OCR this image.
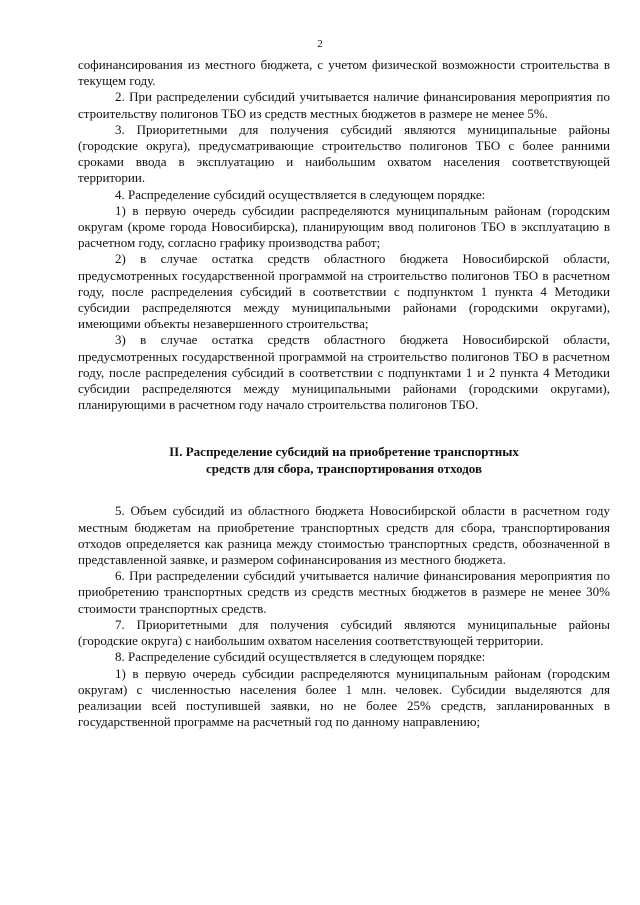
2

софинансирования из местного бюджета, с учетом физической возможности строительства в текущем году.

2. При распределении субсидий учитывается наличие финансирования мероприятия по строительству полигонов ТБО из средств местных бюджетов в размере не менее 5%.

3. Приоритетными для получения субсидий являются муниципальные районы (городские округа), предусматривающие строительство полигонов ТБО с более ранними сроками ввода в эксплуатацию и наибольшим охватом населения соответствующей территории.

4. Распределение субсидий осуществляется в следующем порядке:

1) в первую очередь субсидии распределяются муниципальным районам (городским округам (кроме города Новосибирска), планирующим ввод полигонов ТБО в эксплуатацию в расчетном году, согласно графику производства работ;

2) в случае остатка средств областного бюджета Новосибирской области, предусмотренных государственной программой на строительство полигонов ТБО в расчетном году, после распределения субсидий в соответствии с подпунктом 1 пункта 4 Методики субсидии распределяются между муниципальными районами (городскими округами), имеющими объекты незавершенного строительства;

3) в случае остатка средств областного бюджета Новосибирской области, предусмотренных государственной программой на строительство полигонов ТБО в расчетном году, после распределения субсидий в соответствии с подпунктами 1 и 2 пункта 4 Методики субсидии распределяются между муниципальными районами (городскими округами), планирующими в расчетном году начало строительства полигонов ТБО.

II. Распределение субсидий на приобретение транспортных
средств для сбора, транспортирования отходов

5. Объем субсидий из областного бюджета Новосибирской области в расчетном году местным бюджетам на приобретение транспортных средств для сбора, транспортирования отходов определяется как разница между стоимостью транспортных средств, обозначенной в представленной заявке, и размером софинансирования из местного бюджета.

6. При распределении субсидий учитывается наличие финансирования мероприятия по приобретению транспортных средств из средств местных бюджетов в размере не менее 30% стоимости транспортных средств.

7. Приоритетными для получения субсидий являются муниципальные районы (городские округа) с наибольшим охватом населения соответствующей территории.

8. Распределение субсидий осуществляется в следующем порядке:

1) в первую очередь субсидии распределяются муниципальным районам (городским округам) с численностью населения более 1 млн. человек. Субсидии выделяются для реализации всей поступившей заявки, но не более 25% средств, запланированных в государственной программе на расчетный год по данному направлению;
